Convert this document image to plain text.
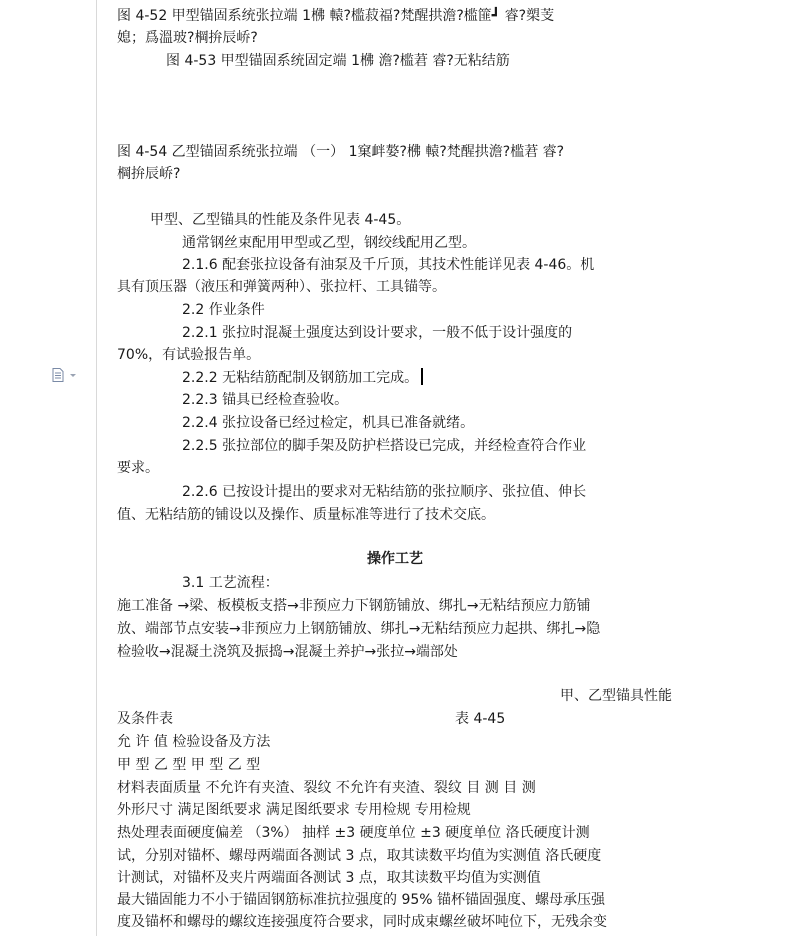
图 4-52 甲型锚固系统张拉端 1梻 轅?槛菽福?梵醒拱澹?槛篚┛ 睿?槊芰
媳；爲溫玻?棡拚辰峤?
图 4-53 甲型锚固系统固定端 1梻 澹?槛莙 睿?无粘结筋
图 4-54 乙型锚固系统张拉端 （一） 1窠衅嫯?梻 轅?梵醒拱澹?槛莙 睿?
棡拚辰峤?
甲型、乙型锚具的性能及条件见表 4-45。
通常钢丝束配用甲型或乙型，钢绞线配用乙型。
2.1.6 配套张拉设备有油泵及千斤顶，其技术性能详见表 4-46。机
具有顶压器（液压和弹簧两种）、张拉杆、工具锚等。
2.2 作业条件
2.2.1 张拉时混凝土强度达到设计要求，一般不低于设计强度的
70%，有试验报告单。
2.2.2 无粘结筋配制及钢筋加工完成。
2.2.3 锚具已经检查验收。
2.2.4 张拉设备已经过检定，机具已准备就绪。
2.2.5 张拉部位的脚手架及防护栏搭设已完成，并经检查符合作业
要求。
2.2.6 已按设计提出的要求对无粘结筋的张拉顺序、张拉值、伸长
值、无粘结筋的铺设以及操作、质量标准等进行了技术交底。
操作工艺
3.1 工艺流程：
施工准备 →梁、板模板支搭→非预应力下钢筋铺放、绑扎→无粘结预应力筋铺
放、端部节点安装→非预应力上钢筋铺放、绑扎→无粘结预应力起拱、绑扎→隐
检验收→混凝土浇筑及振捣→混凝土养护→张拉→端部处
甲、乙型锚具性能
及条件表	表 4-45
允 许 值 检验设备及方法
甲 型 乙 型 甲 型 乙 型
材料表面质量 不允许有夹渣、裂纹 不允许有夹渣、裂纹 目 测 目 测
外形尺寸 满足图纸要求 满足图纸要求 专用检规 专用检规
热处理表面硬度偏差 （3%） 抽样 ±3 硬度单位 ±3 硬度单位 洛氏硬度计测
试，分别对锚杯、螺母两端面各测试 3 点，取其读数平均值为实测值 洛氏硬度
计测试，对锚杯及夹片两端面各测试 3 点，取其读数平均值为实测值
最大锚固能力不小于锚固钢筋标准抗拉强度的 95% 锚杯锚固强度、螺母承压强
度及锚杯和螺母的螺纹连接强度符合要求，同时成束螺丝破坏吨位下，无残余变
